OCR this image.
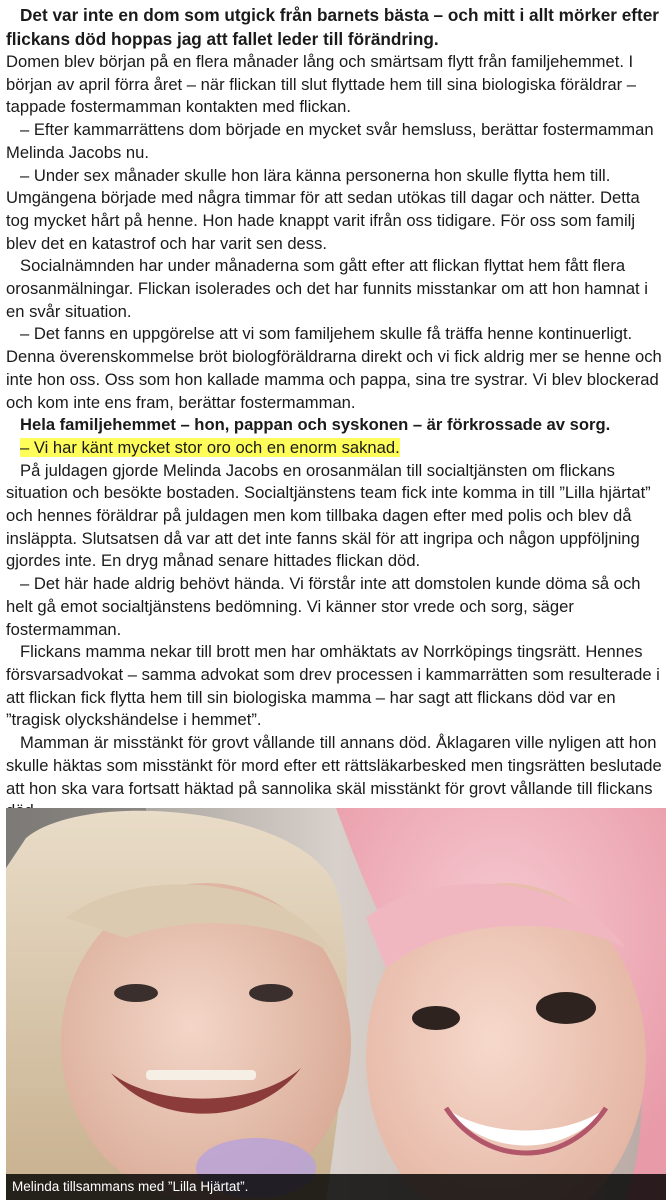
Det var inte en dom som utgick från barnets bästa – och mitt i allt mörker efter flickans död hoppas jag att fallet leder till förändring.

Domen blev början på en flera månader lång och smärtsam flytt från familjehemmet. I början av april förra året – när flickan till slut flyttade hem till sina biologiska föräldrar – tappade fostermamman kontakten med flickan.

– Efter kammarrättens dom började en mycket svår hemsluss, berättar fostermamman Melinda Jacobs nu.

– Under sex månader skulle hon lära känna personerna hon skulle flytta hem till. Umgängena började med några timmar för att sedan utökas till dagar och nätter. Detta tog mycket hårt på henne. Hon hade knappt varit ifrån oss tidigare. För oss som familj blev det en katastrof och har varit sen dess.

Socialnämnden har under månaderna som gått efter att flickan flyttat hem fått flera orosanmälningar. Flickan isolerades och det har funnits misstankar om att hon hamnat i en svår situation.

– Det fanns en uppgörelse att vi som familjehem skulle få träffa henne kontinuerligt. Denna överenskommelse bröt biologföräldrarna direkt och vi fick aldrig mer se henne och inte hon oss. Oss som hon kallade mamma och pappa, sina tre systrar. Vi blev blockerad och kom inte ens fram, berättar fostermamman.

Hela familjehemmet – hon, pappan och syskonen – är förkrossade av sorg.

– Vi har känt mycket stor oro och en enorm saknad.

På juldagen gjorde Melinda Jacobs en orosanmälan till socialtjänsten om flickans situation och besökte bostaden. Socialtjänstens team fick inte komma in till ”Lilla hjärtat” och hennes föräldrar på juldagen men kom tillbaka dagen efter med polis och blev då insläppta. Slutsatsen då var att det inte fanns skäl för att ingripa och någon uppföljning gjordes inte. En dryg månad senare hittades flickan död.

– Det här hade aldrig behövt hända. Vi förstår inte att domstolen kunde döma så och helt gå emot socialtjänstens bedömning. Vi känner stor vrede och sorg, säger fostermamman.

Flickans mamma nekar till brott men har omhäktats av Norrköpings tingsrätt. Hennes försvarsadvokat – samma advokat som drev processen i kammarrätten som resulterade i att flickan fick flytta hem till sin biologiska mamma – har sagt att flickans död var en ”tragisk olyckshändelse i hemmet”.

Mamman är misstänkt för grovt vållande till annans död. Åklagaren ville nyligen att hon skulle häktas som misstänkt för mord efter ett rättsläkarbesked men tingsrätten beslutade att hon ska vara fortsatt häktad på sannolika skäl misstänkt för grovt vållande till flickans

Melinda tillsammans med ”Lilla Hjärtat”.
